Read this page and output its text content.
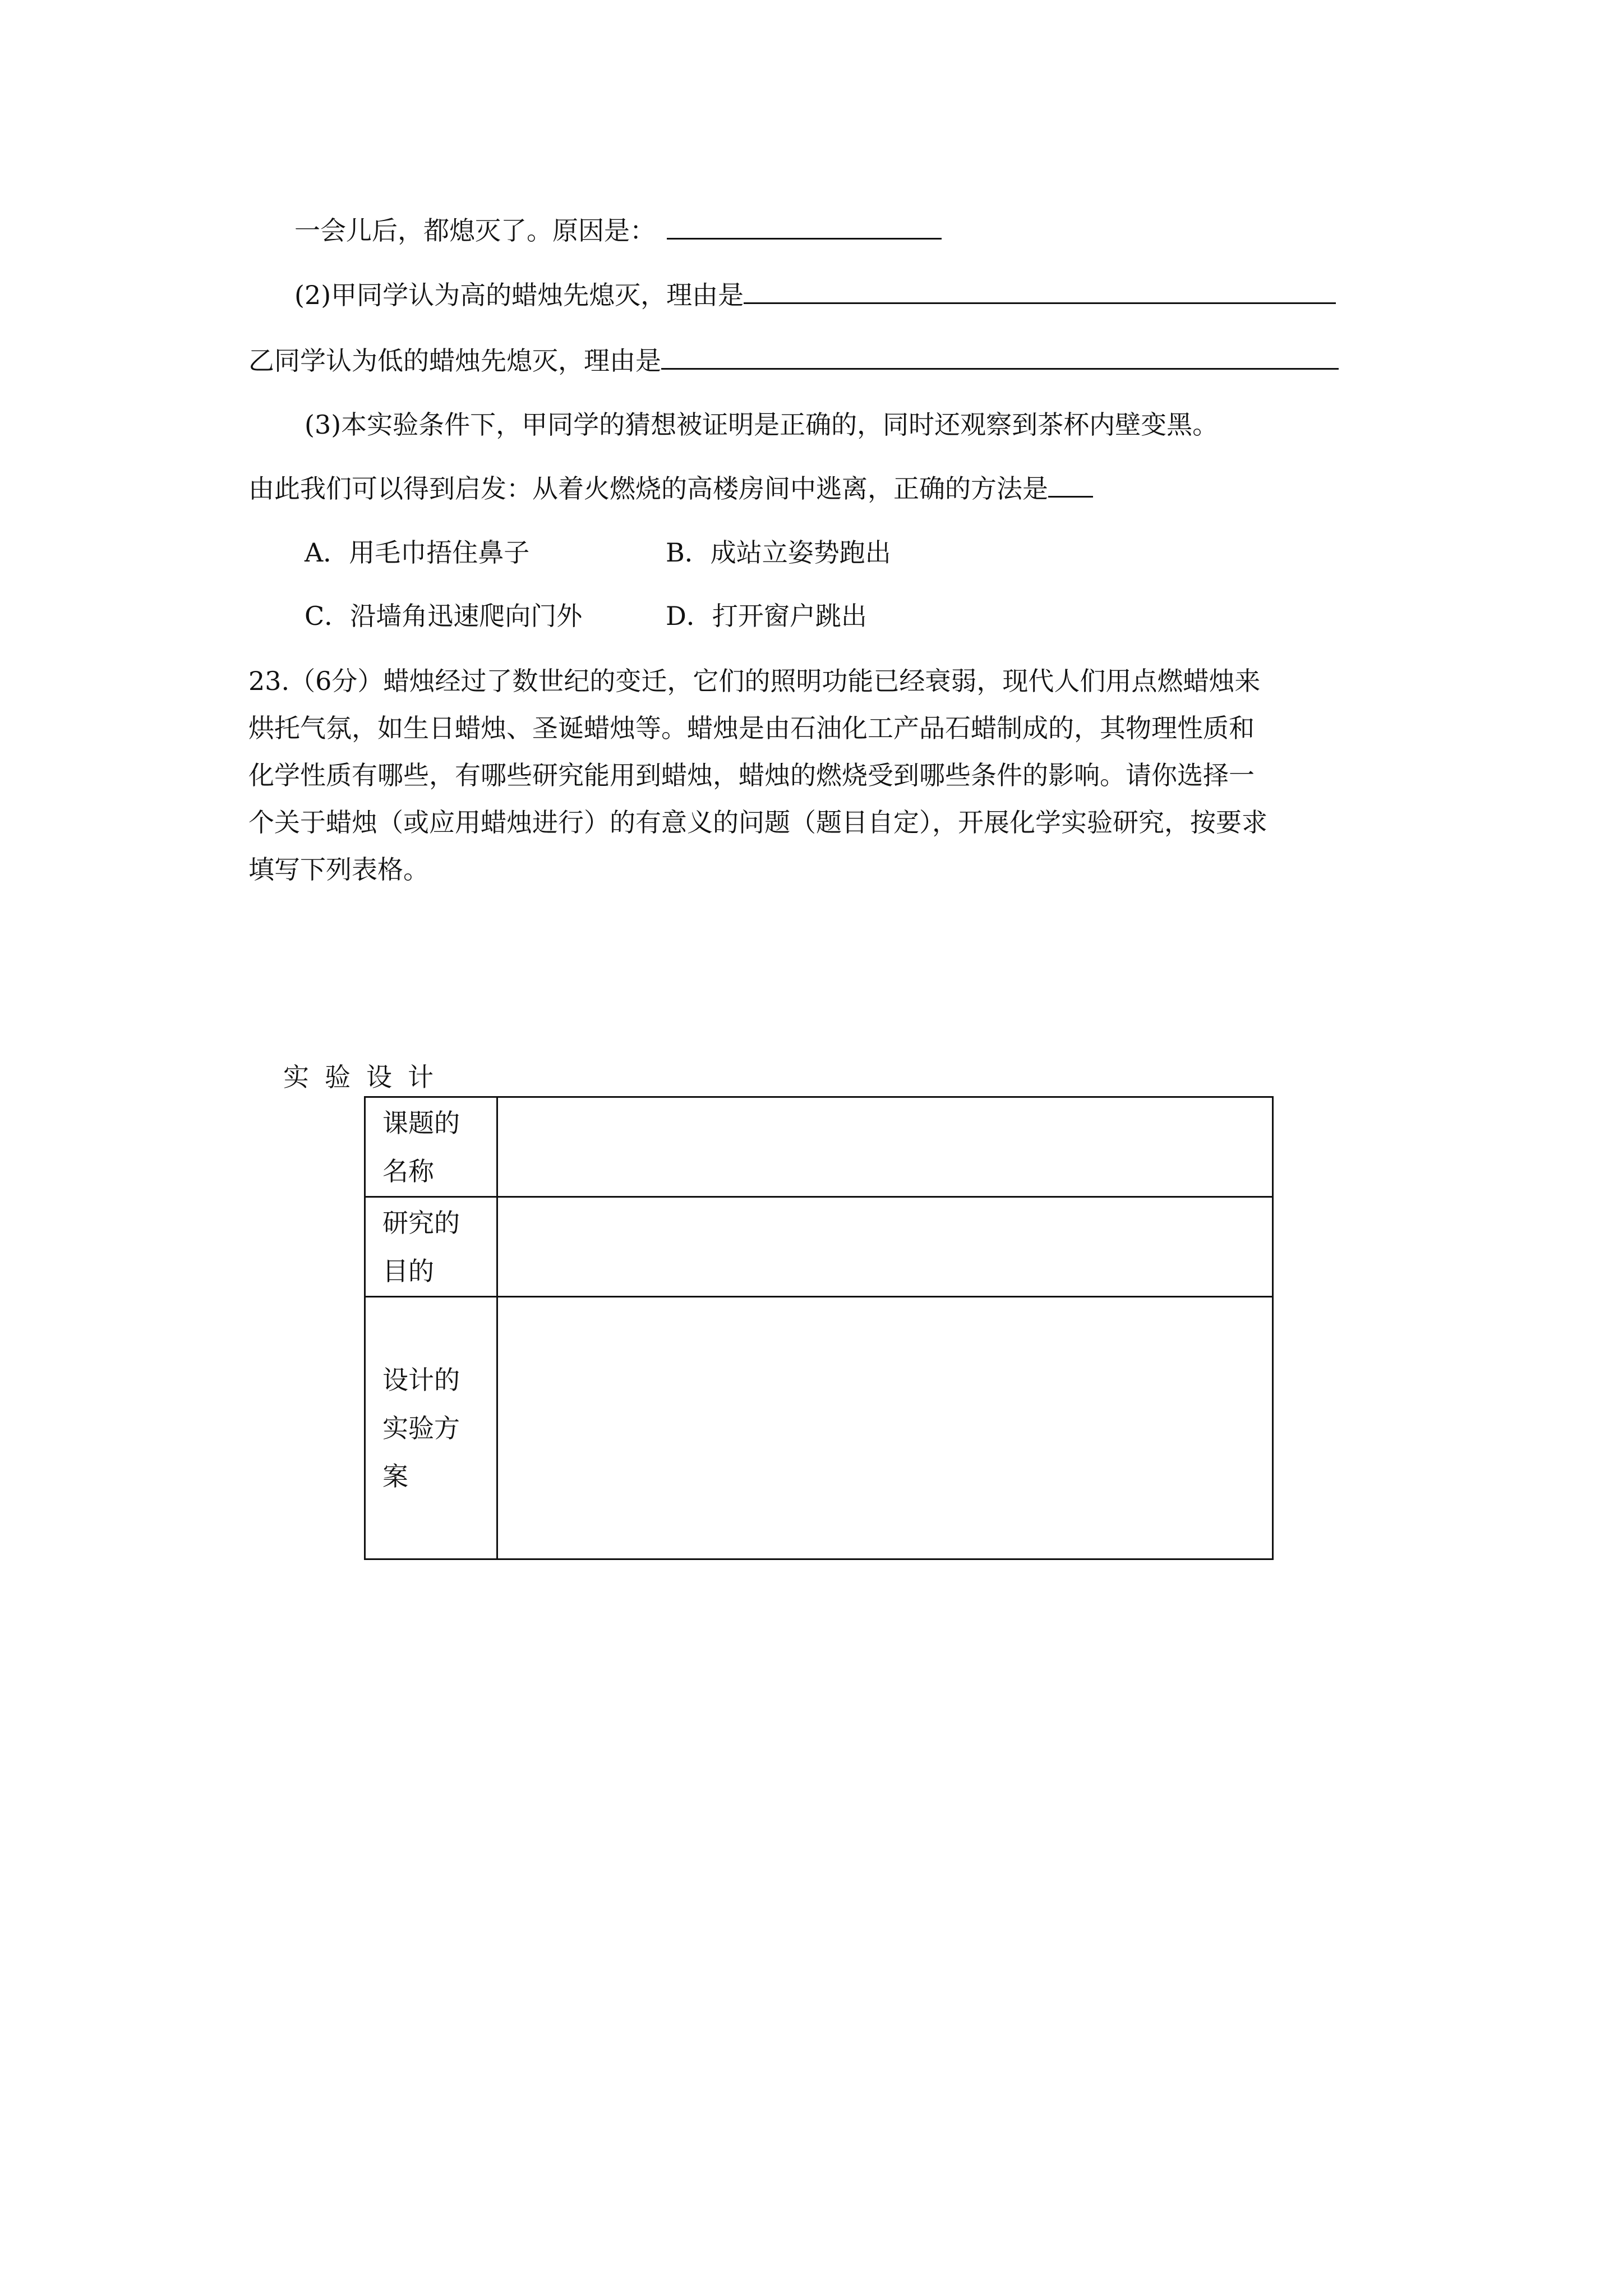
一会儿后，都熄灭了。原因是：
(2)甲同学认为高的蜡烛先熄灭，理由是
乙同学认为低的蜡烛先熄灭，理由是
(3)本实验条件下，甲同学的猜想被证明是正确的，同时还观察到茶杯内壁变黑。
由此我们可以得到启发：从着火燃烧的高楼房间中逃离，正确的方法是
A．用毛巾捂住鼻子	B．成站立姿势跑出
C．沿墙角迅速爬向门外	D．打开窗户跳出
23.（6分）蜡烛经过了数世纪的变迁，它们的照明功能已经衰弱，现代人们用点燃蜡烛来
烘托气氛，如生日蜡烛、圣诞蜡烛等。蜡烛是由石油化工产品石蜡制成的，其物理性质和
化学性质有哪些，有哪些研究能用到蜡烛，蜡烛的燃烧受到哪些条件的影响。请你选择一
个关于蜡烛（或应用蜡烛进行）的有意义的问题（题目自定），开展化学实验研究，按要求
填写下列表格。
实验设计
课题的
名称	

研究的
目的	

设计的
实验方
案	
